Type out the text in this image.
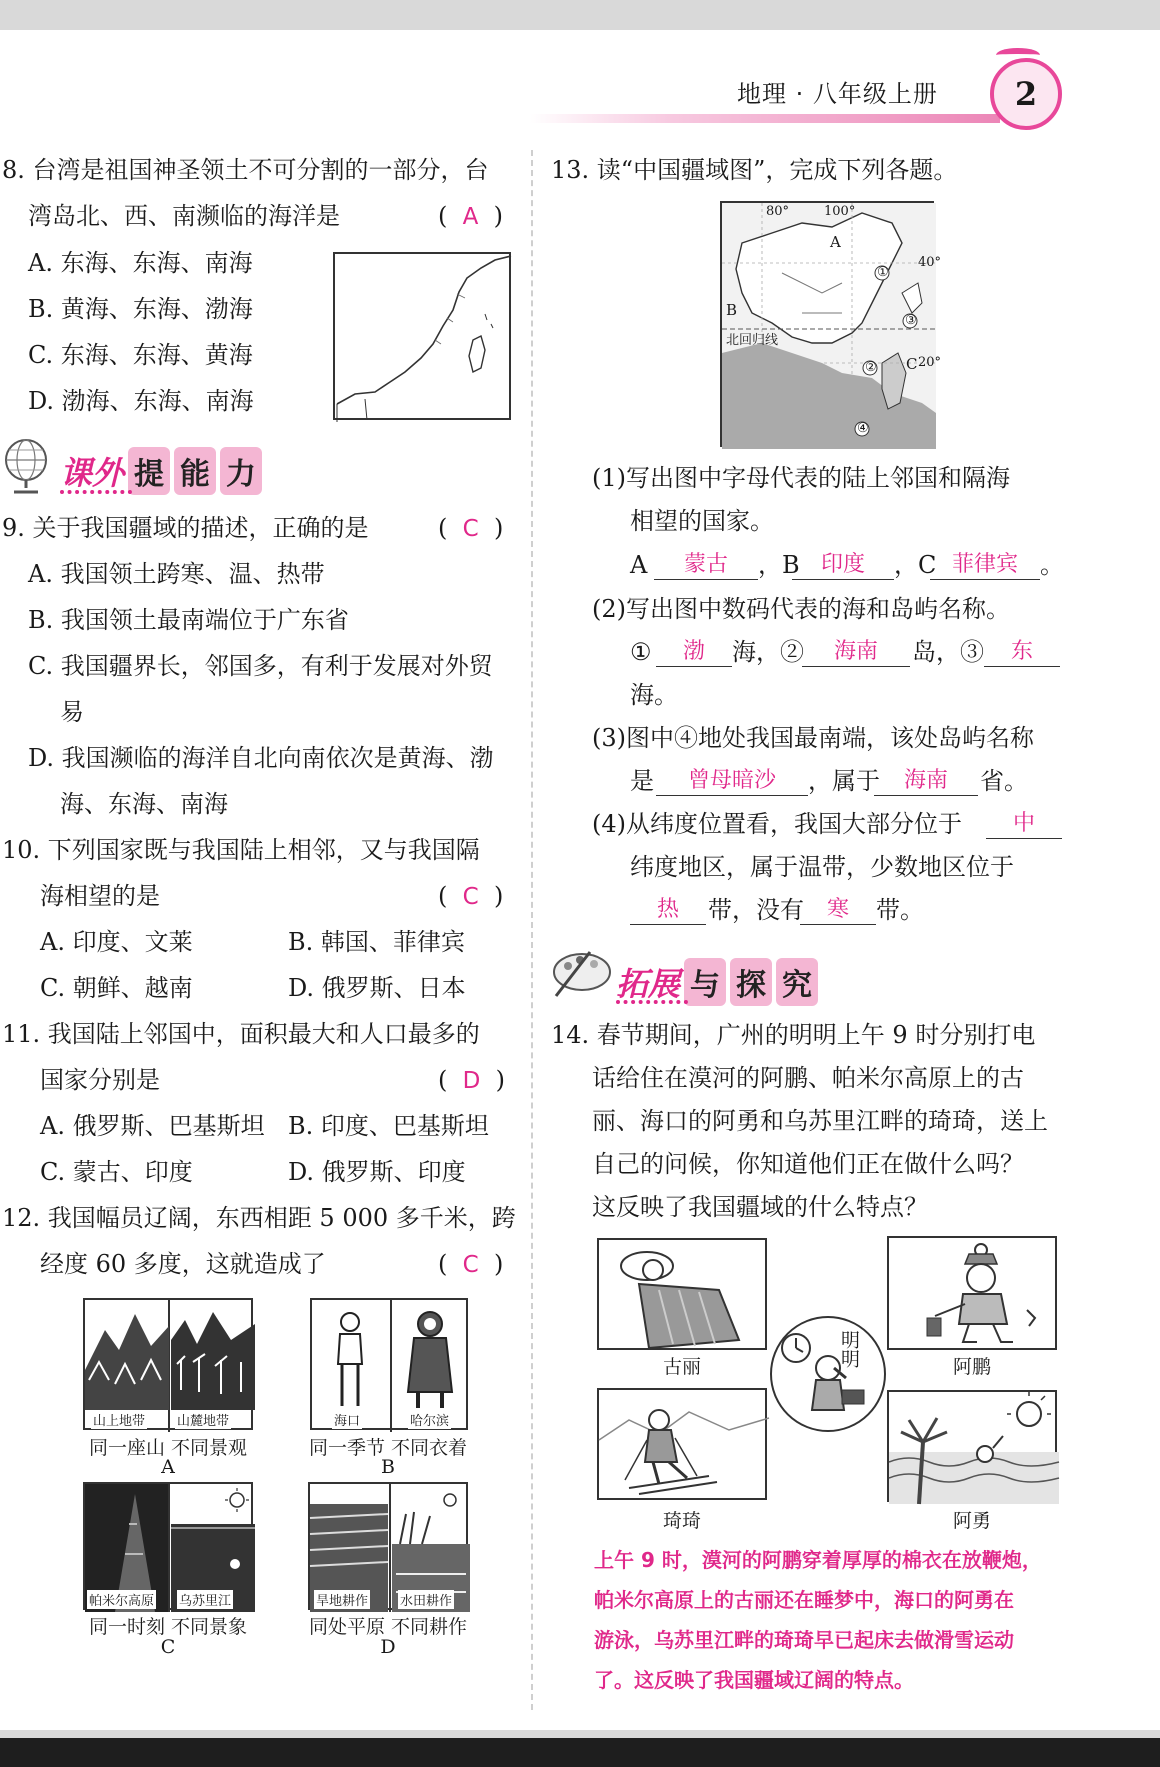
地理 · 八年级上册 2
8. 台湾是祖国神圣领土不可分割的一部分，台
湾岛北、西、南濒临的海洋是	(  A  )
A. 东海、东海、南海
B. 黄海、东海、渤海
C. 东海、东海、黄海
D. 渤海、东海、南海
课外 提 能 力
9. 关于我国疆域的描述，正确的是	(  C  )
A. 我国领土跨寒、温、热带
B. 我国领土最南端位于广东省
C. 我国疆界长，邻国多，有利于发展对外贸
易
D. 我国濒临的海洋自北向南依次是黄海、渤
海、东海、南海
10. 下列国家既与我国陆上相邻，又与我国隔
海相望的是	(  C  )
A. 印度、文莱	B. 韩国、菲律宾
C. 朝鲜、越南	D. 俄罗斯、日本
11. 我国陆上邻国中，面积最大和人口最多的
国家分别是	(  D  )
A. 俄罗斯、巴基斯坦 B. 印度、巴基斯坦
C. 蒙古、印度	D. 俄罗斯、印度
12. 我国幅员辽阔，东西相距 5 000 多千米，跨
经度 60 多度，这就造成了	(  C  )
山上地带 山麓地带
同一座山 不同景观
A
海口	哈尔滨
同一季节 不同衣着
B
帕米尔高原 乌苏里江
同一时刻 不同景象
C
旱地耕作 水田耕作
同处平原 不同耕作
D
13. 读“中国疆域图”，完成下列各题。
80°	100°
40°
20°
北回归线
A
B
C
①
②
③
④
(1)写出图中字母代表的陆上邻国和隔海
相望的国家。
A	蒙古	，B 印度	，C 菲律宾 。
(2)写出图中数码代表的海和岛屿名称。
①	渤	海，②	海南	岛，③	东
海。
(3)图中④地处我国最南端，该处岛屿名称
是	曾母暗沙	，属于	海南	省。
(4)从纬度位置看，我国大部分位于	中
纬度地区，属于温带，少数地区位于
热	带，没有	寒	带。
拓展 与 探 究
14. 春节期间，广州的明明上午 9 时分别打电
话给住在漠河的阿鹏、帕米尔高原上的古
丽、海口的阿勇和乌苏里江畔的琦琦，送上
自己的问候，你知道他们正在做什么吗？
这反映了我国疆域的什么特点？
古丽	阿鹏
琦琦	阿勇
明明
上午 9 时，漠河的阿鹏穿着厚厚的棉衣在放鞭炮，
帕米尔高原上的古丽还在睡梦中，海口的阿勇在
游泳，乌苏里江畔的琦琦早已起床去做滑雪运动
了。这反映了我国疆域辽阔的特点。
